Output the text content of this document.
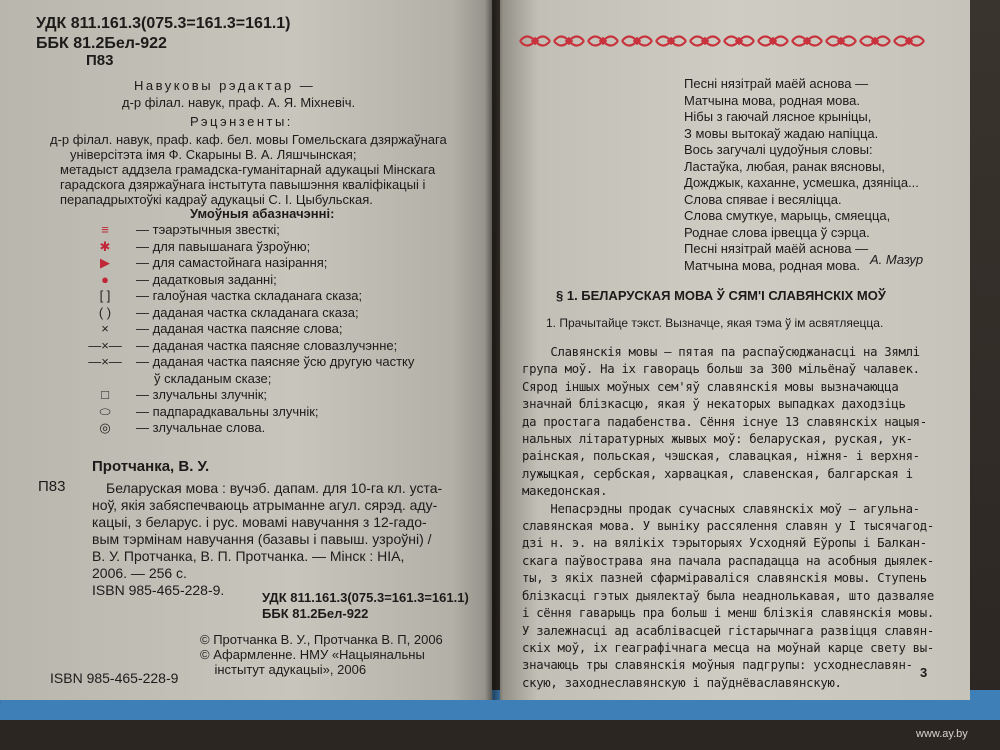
УДК 811.161.3(075.3=161.3=161.1)
ББК 81.2Бел-922
П83
Навуковы рэдактар —
д-р філал. навук, праф. А. Я. Міхневіч.
Рэцэнзенты:
д-р філал. навук, праф. каф. бел. мовы Гомельскага дзяржаўнага
універсітэта імя Ф. Скарыны В. А. Ляшчынская;
метадыст аддзела грамадска-гуманітарнай адукацыі Мінскага
гарадскога дзяржаўнага інстытута павышэння кваліфікацыі і
перападрыхтоўкі кадраў адукацыі С. І. Цыбульская.
Умоўныя абазначэнні:
≡	— тэарэтычныя звесткі;
✱	— для павышанага ўзроўню;
▶	— для самастойнага назірання;
●	— дадатковыя заданні;
[ ]	— галоўная частка складанага сказа;
( )	— даданая частка складанага сказа;
×	— даданая частка паясняе слова;
—×—	— даданая частка паясняе словазлучэнне;
—×—	— даданая частка паясняе ўсю другую частку
ў складаным сказе;
□	— злучальны злучнік;
⬭	— падпарадкавальны злучнік;
◎	— злучальнае слова.
Протчанка, В. У.
П83	Беларуская мова : вучэб. дапам. для 10-га кл. уста-
ноў, якія забяспечваюць атрыманне агул. сярэд. аду-
кацыі, з беларус. і рус. мовамі навучання з 12-гадо-
вым тэрмінам навучання (базавы і павыш. узроўні) /
В. У. Протчанка, В. П. Протчанка. — Мінск : НІА,
2006. — 256 с.
ISBN 985-465-228-9.	УДК 811.161.3(075.3=161.3=161.1)
ББК 81.2Бел-922
© Протчанка В. У., Протчанка В. П, 2006
© Афармленне. НМУ «Нацыянальны
інстытут адукацыі», 2006
ISBN 985-465-228-9
Песні нязітрай маёй аснова —
Матчына мова, родная мова.
Нібы з гаючай лясное крыніцы,
З мовы вытокаў жадаю напіцца.
Вось загучалі цудоўныя словы:
Ластаўка, любая, ранак вясновы,
Дожджык, каханне, усмешка, дзяніца...
Слова спявае і весяліцца.
Слова смуткуе, марыць, смяецца,
Роднае слова ірвецца ў сэрца.
Песні нязітрай маёй аснова —
Матчына мова, родная мова. А. Мазур
§ 1. БЕЛАРУСКАЯ МОВА Ў СЯМ'І СЛАВЯНСКІХ МОЎ
1. Прачытайце тэкст. Вызначце, якая тэма ў ім асвятляецца.
Славянскія мовы — пятая па распаўсюджанасці на Зямлі
група моў. На іх гавораць больш за 300 мільёнаў чалавек.
Сярод іншых моўных сем'яў славянскія мовы вызначаюцца
значнай блізкасцю, якая ў некаторых выпадках даходзіць
да простага падабенства. Сёння існуе 13 славянскіх нацыя-
нальных літаратурных жывых моў: беларуская, руская, ук-
раінская, польская, чэшская, славацкая, ніжня- і верхня-
лужыцкая, сербская, харвацкая, славенская, балгарская і
македонская.
Непасрэдны продак сучасных славянскіх моў — агульна-
славянская мова. У выніку рассялення славян у I тысячагод-
дзі н. э. на вялікіх тэрыторыях Усходняй Еўропы і Балкан-
скага паўвострава яна пачала распадацца на асобныя дыялек-
ты, з якіх пазней сфарміраваліся славянскія мовы. Ступень
блізкасці гэтых дыялектаў была неаднолькавая, што дазваляе
і сёння гаварыць пра больш і менш блізкія славянскія мовы.
У залежнасці ад асаблівасцей гістарычнага развіцця славян-
скіх моў, іх геаграфічнага месца на моўнай карце свету вы-
значаюць тры славянскія моўныя падгрупы: усходнеславян-
скую, заходнеславянскую і паўднёваславянскую.
3
www.ay.by
